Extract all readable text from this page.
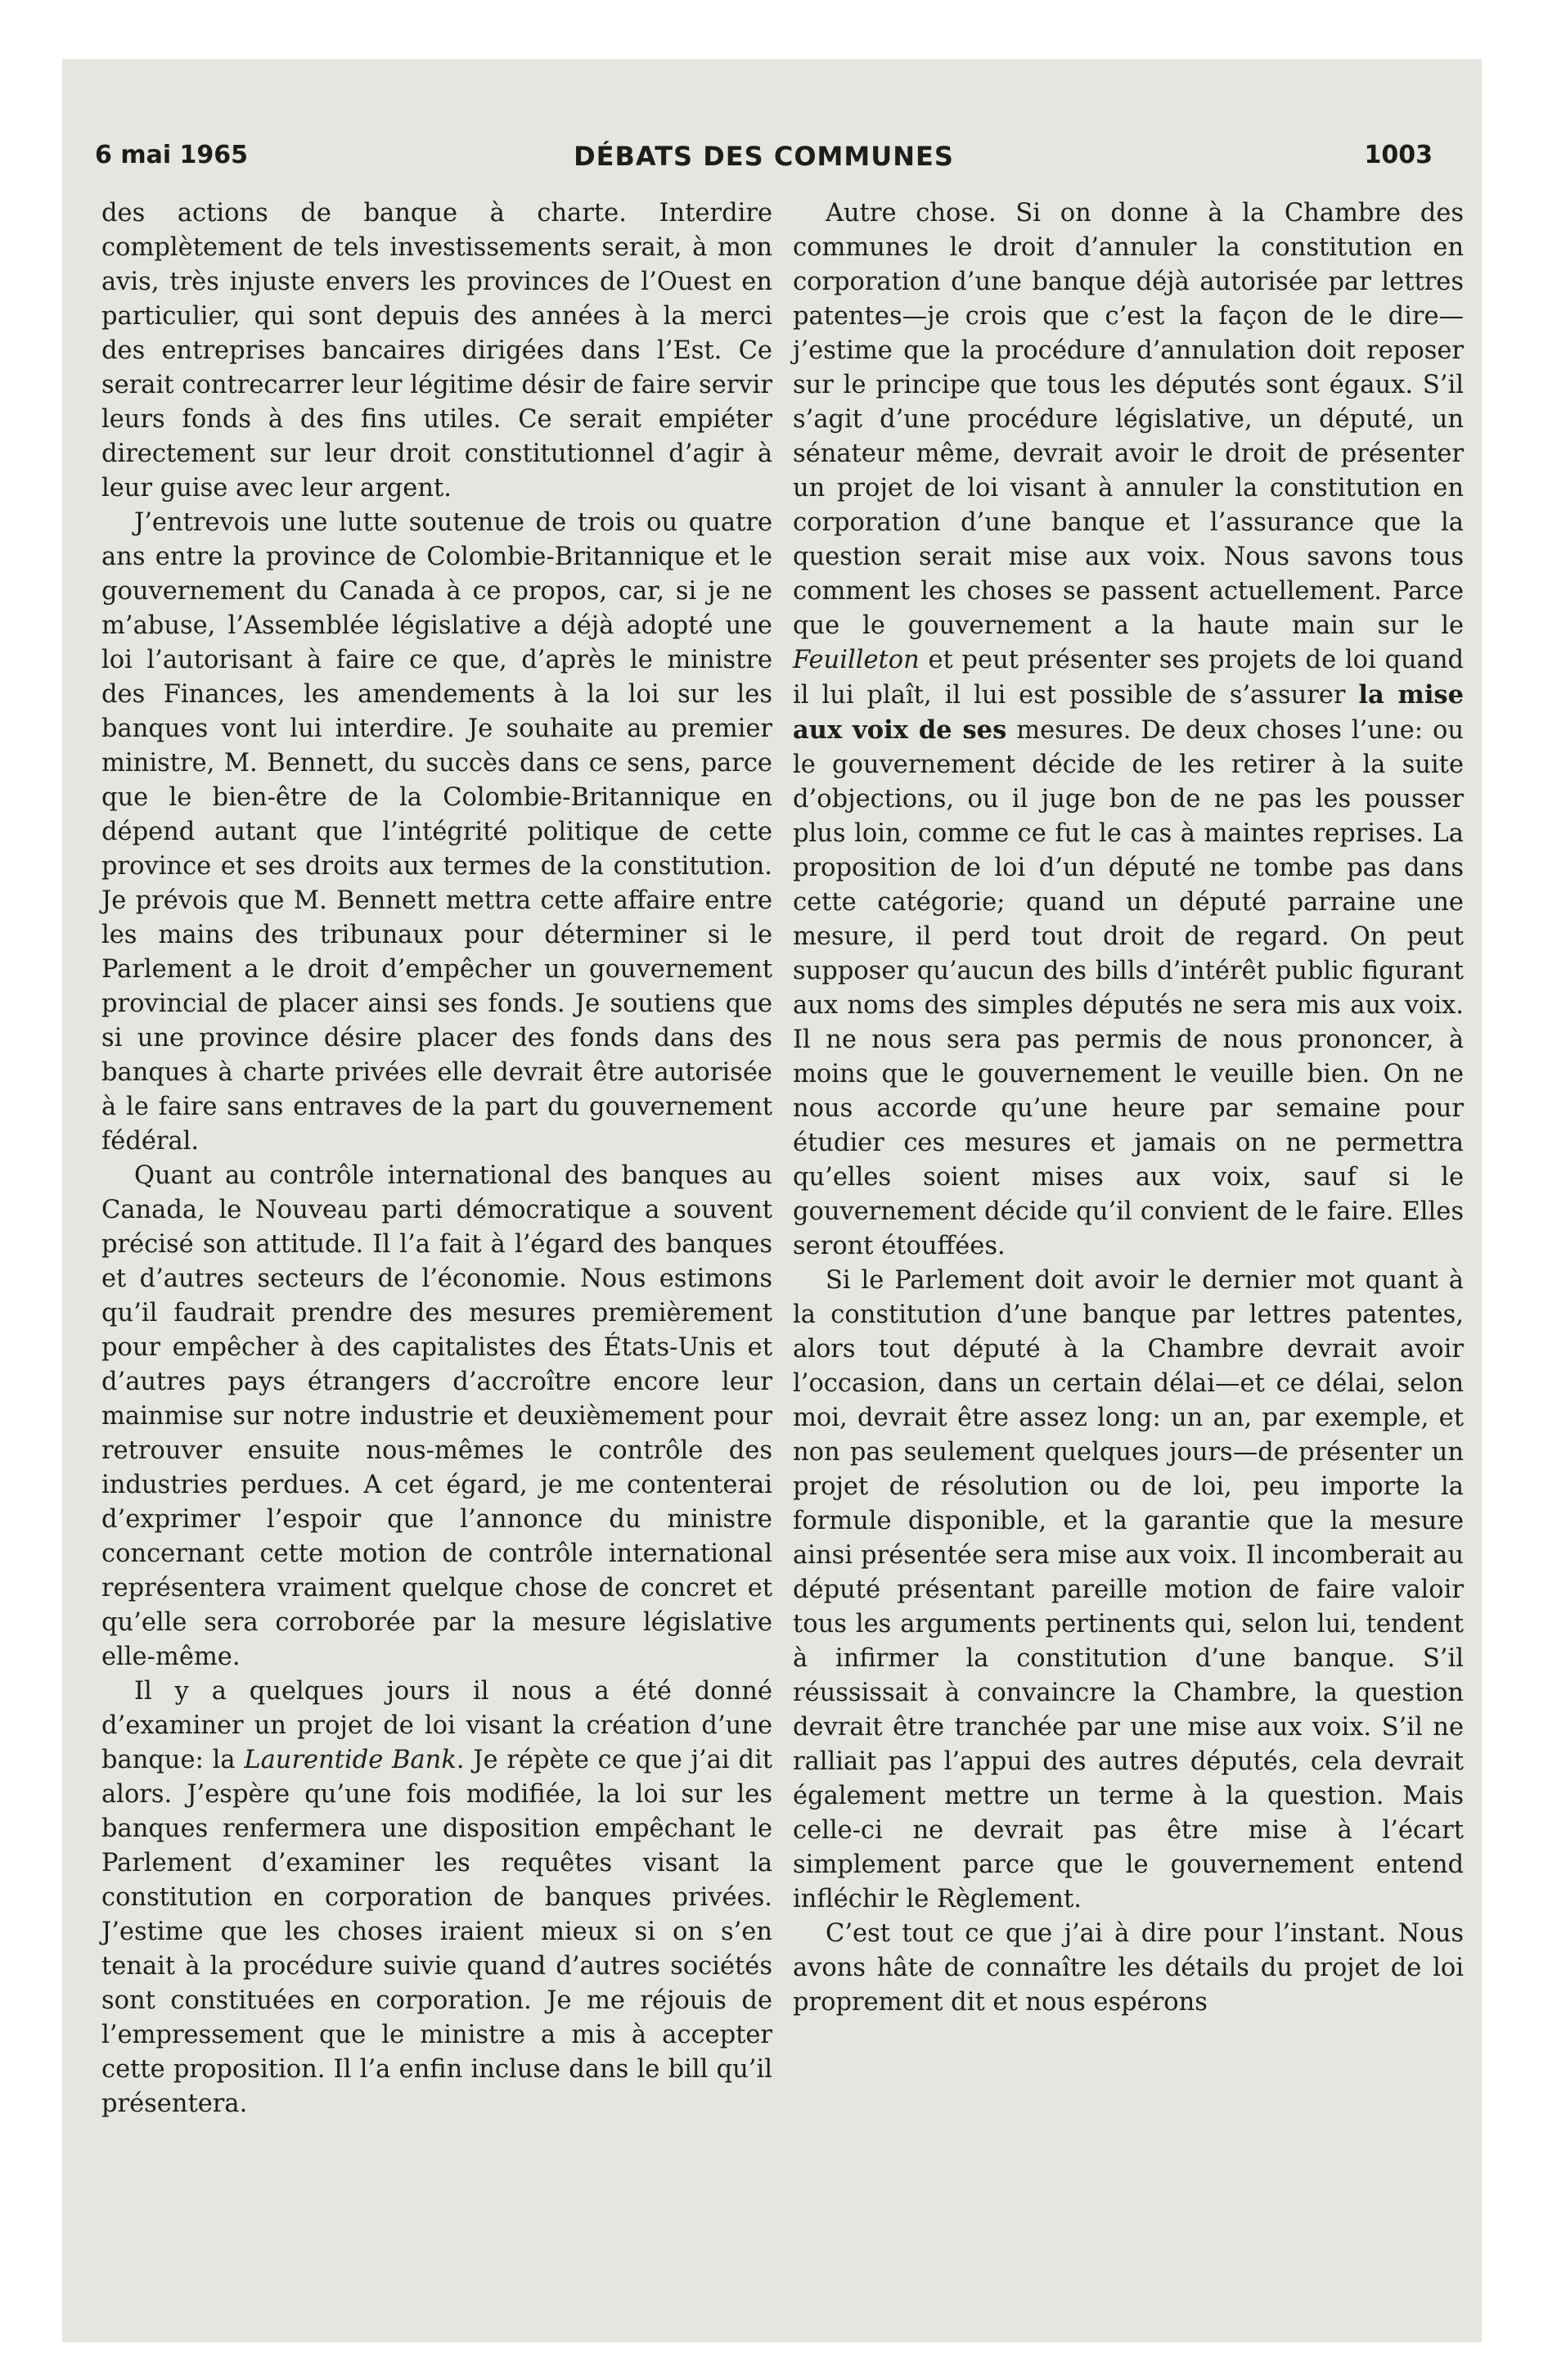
6 mai 1965	DÉBATS DES COMMUNES	1003

des actions de banque à charte. Interdire complètement de tels investissements serait, à mon avis, très injuste envers les provinces de l’Ouest en particulier, qui sont depuis des années à la merci des entreprises bancaires dirigées dans l’Est. Ce serait contrecarrer leur légitime désir de faire servir leurs fonds à des fins utiles. Ce serait empiéter directement sur leur droit constitutionnel d’agir à leur guise avec leur argent.

J’entrevois une lutte soutenue de trois ou quatre ans entre la province de Colombie-Britannique et le gouvernement du Canada à ce propos, car, si je ne m’abuse, l’Assemblée législative a déjà adopté une loi l’autorisant à faire ce que, d’après le ministre des Finances, les amendements à la loi sur les banques vont lui interdire. Je souhaite au premier ministre, M. Bennett, du succès dans ce sens, parce que le bien-être de la Colombie-Britannique en dépend autant que l’intégrité politique de cette province et ses droits aux termes de la constitution. Je prévois que M. Bennett mettra cette affaire entre les mains des tribunaux pour déterminer si le Parlement a le droit d’empêcher un gouvernement provincial de placer ainsi ses fonds. Je soutiens que si une province désire placer des fonds dans des banques à charte privées elle devrait être autorisée à le faire sans entraves de la part du gouvernement fédéral.

Quant au contrôle international des banques au Canada, le Nouveau parti démocratique a souvent précisé son attitude. Il l’a fait à l’égard des banques et d’autres secteurs de l’économie. Nous estimons qu’il faudrait prendre des mesures premièrement pour empêcher à des capitalistes des États-Unis et d’autres pays étrangers d’accroître encore leur mainmise sur notre industrie et deuxièmement pour retrouver ensuite nous-mêmes le contrôle des industries perdues. A cet égard, je me contenterai d’exprimer l’espoir que l’annonce du ministre concernant cette motion de contrôle international représentera vraiment quelque chose de concret et qu’elle sera corroborée par la mesure législative elle-même.

Il y a quelques jours il nous a été donné d’examiner un projet de loi visant la création d’une banque: la Laurentide Bank. Je répète ce que j’ai dit alors. J’espère qu’une fois modifiée, la loi sur les banques renfermera une disposition empêchant le Parlement d’examiner les requêtes visant la constitution en corporation de banques privées. J’estime que les choses iraient mieux si on s’en tenait à la procédure suivie quand d’autres sociétés sont constituées en corporation. Je me réjouis de l’empressement que le ministre a mis à accepter cette proposition. Il l’a enfin incluse dans le bill qu’il présentera.

Autre chose. Si on donne à la Chambre des communes le droit d’annuler la constitution en corporation d’une banque déjà autorisée par lettres patentes—je crois que c’est la façon de le dire—j’estime que la procédure d’annulation doit reposer sur le principe que tous les députés sont égaux. S’il s’agit d’une procédure législative, un député, un sénateur même, devrait avoir le droit de présenter un projet de loi visant à annuler la constitution en corporation d’une banque et l’assurance que la question serait mise aux voix. Nous savons tous comment les choses se passent actuellement. Parce que le gouvernement a la haute main sur le Feuilleton et peut présenter ses projets de loi quand il lui plaît, il lui est possible de s’assurer la mise aux voix de ses mesures. De deux choses l’une: ou le gouvernement décide de les retirer à la suite d’objections, ou il juge bon de ne pas les pousser plus loin, comme ce fut le cas à maintes reprises. La proposition de loi d’un député ne tombe pas dans cette catégorie; quand un député parraine une mesure, il perd tout droit de regard. On peut supposer qu’aucun des bills d’intérêt public figurant aux noms des simples députés ne sera mis aux voix. Il ne nous sera pas permis de nous prononcer, à moins que le gouvernement le veuille bien. On ne nous accorde qu’une heure par semaine pour étudier ces mesures et jamais on ne permettra qu’elles soient mises aux voix, sauf si le gouvernement décide qu’il convient de le faire. Elles seront étouffées.

Si le Parlement doit avoir le dernier mot quant à la constitution d’une banque par lettres patentes, alors tout député à la Chambre devrait avoir l’occasion, dans un certain délai—et ce délai, selon moi, devrait être assez long: un an, par exemple, et non pas seulement quelques jours—de présenter un projet de résolution ou de loi, peu importe la formule disponible, et la garantie que la mesure ainsi présentée sera mise aux voix. Il incomberait au député présentant pareille motion de faire valoir tous les arguments pertinents qui, selon lui, tendent à infirmer la constitution d’une banque. S’il réussissait à convaincre la Chambre, la question devrait être tranchée par une mise aux voix. S’il ne ralliait pas l’appui des autres députés, cela devrait également mettre un terme à la question. Mais celle-ci ne devrait pas être mise à l’écart simplement parce que le gouvernement entend infléchir le Règlement.

C’est tout ce que j’ai à dire pour l’instant. Nous avons hâte de connaître les détails du projet de loi proprement dit et nous espérons
